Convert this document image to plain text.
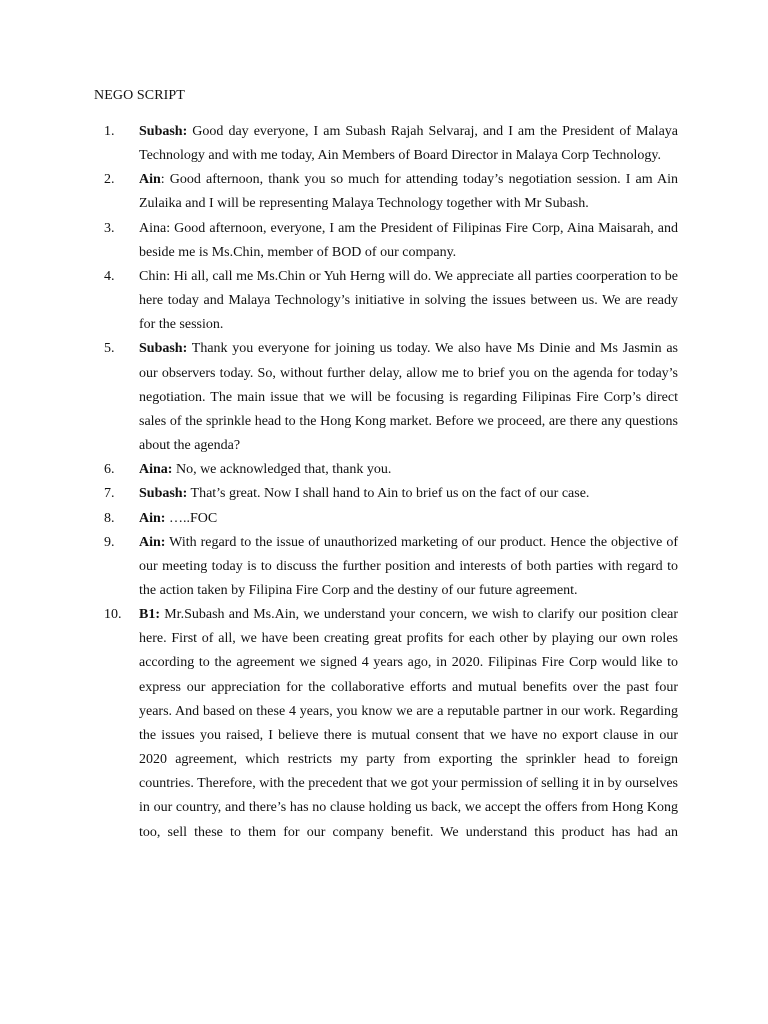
NEGO SCRIPT
1.	Subash: Good day everyone, I am Subash Rajah Selvaraj, and I am the President of Malaya Technology and with me today, Ain Members of Board Director in Malaya Corp Technology.
2.	Ain: Good afternoon, thank you so much for attending today’s negotiation session. I am Ain Zulaika and I will be representing Malaya Technology together with Mr Subash.
3.	Aina: Good afternoon, everyone, I am the President of Filipinas Fire Corp, Aina Maisarah, and beside me is Ms.Chin, member of BOD of our company.
4.	Chin: Hi all, call me Ms.Chin or Yuh Herng will do. We appreciate all parties coorperation to be here today and Malaya Technology’s initiative in solving the issues between us. We are ready for the session.
5.	Subash: Thank you everyone for joining us today. We also have Ms Dinie and Ms Jasmin as our observers today. So, without further delay, allow me to brief you on the agenda for today’s negotiation. The main issue that we will be focusing is regarding Filipinas Fire Corp’s direct sales of the sprinkle head to the Hong Kong market. Before we proceed, are there any questions about the agenda?
6.	Aina: No, we acknowledged that, thank you.
7.	Subash: That’s great. Now I shall hand to Ain to brief us on the fact of our case.
8.	Ain: …..FOC
9.	Ain: With regard to the issue of unauthorized marketing of our product. Hence the objective of our meeting today is to discuss the further position and interests of both parties with regard to the action taken by Filipina Fire Corp and the destiny of our future agreement.
10.	B1: Mr.Subash and Ms.Ain, we understand your concern, we wish to clarify our position clear here. First of all, we have been creating great profits for each other by playing our own roles according to the agreement we signed 4 years ago, in 2020. Filipinas Fire Corp would like to express our appreciation for the collaborative efforts and mutual benefits over the past four years. And based on these 4 years, you know we are a reputable partner in our work. Regarding the issues you raised, I believe there is mutual consent that we have no export clause in our 2020 agreement, which restricts my party from exporting the sprinkler head to foreign countries. Therefore, with the precedent that we got your permission of selling it in by ourselves in our country, and there’s has no clause holding us back, we accept the offers from Hong Kong too, sell these to them for our company benefit. We understand this product has had an
